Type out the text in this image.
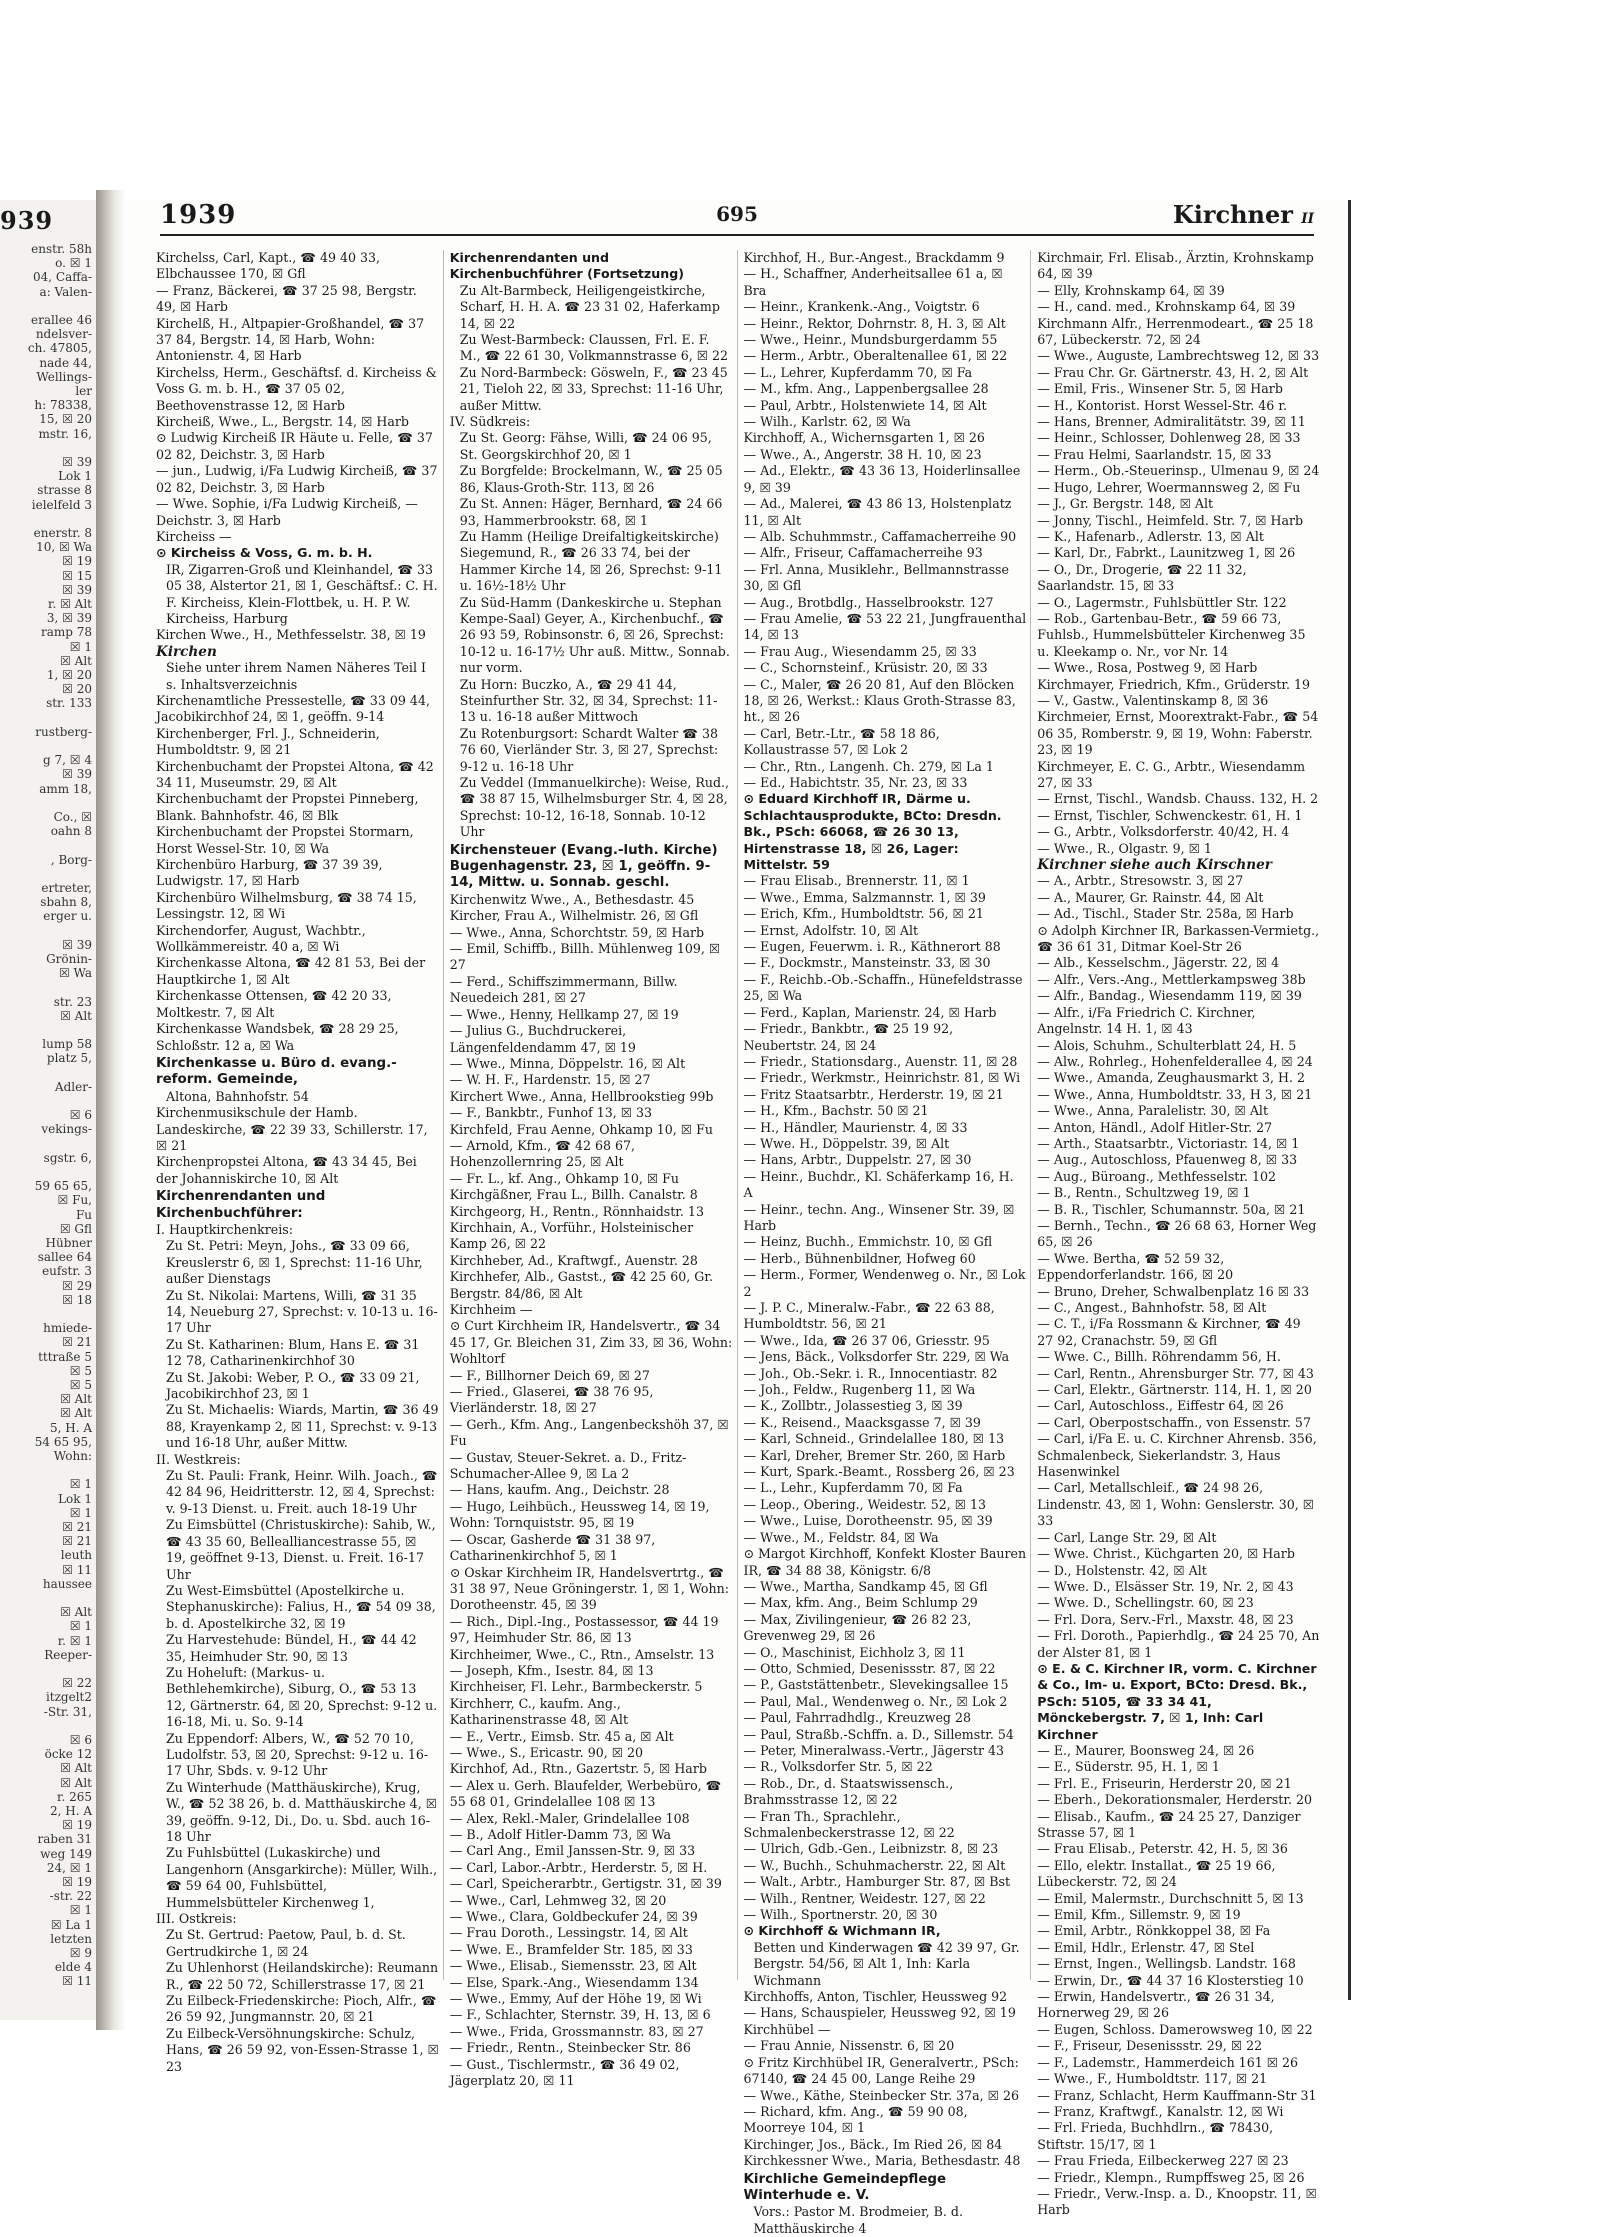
939
enstr. 58h
o. ☒ 1
04, Caffa-
a: Valen-
erallee 46
ndelsver-
ch. 47805,
nade 44,
Wellings-
ler
h: 78338,
15, ☒ 20
mstr. 16,
☒ 39
Lok 1
strasse 8
ielelfeld 3
enerstr. 8
10, ☒ Wa
☒ 19
☒ 15
☒ 39
r. ☒ Alt
3, ☒ 39
ramp 78
☒ 1
☒ Alt
1, ☒ 20
☒ 20
str. 133
rustberg-
g 7, ☒ 4
☒ 39
amm 18,
Co., ☒
oahn 8
, Borg-
ertreter,
sbahn 8,
erger u.
☒ 39
Grönin-
☒ Wa
str. 23
☒ Alt
lump 58
platz 5,
Adler-
☒ 6
vekings-
sgstr. 6,
59 65 65,
☒ Fu,
Fu
☒ Gfl
Hübner
sallee 64
eufstr. 3
☒ 29
☒ 18
hmiede-
☒ 21
tttraße 5
☒ 5
☒ 5
☒ Alt
☒ Alt
5, H. A
54 65 95,
Wohn:
☒ 1
Lok 1
☒ 1
☒ 21
☒ 21
leuth
☒ 11
haussee
☒ Alt
☒ 1
r. ☒ 1
Reeper-
☒ 22
itzgelt2
-Str. 31,
☒ 6
öcke 12
☒ Alt
☒ Alt
r. 265
2, H. A
☒ 19
raben 31
weg 149
24, ☒ 1
☒ 19
-str. 22
☒ 1
☒ La 1
letzten
☒ 9
elde 4
☒ 11
1939	695	Kirchner II

Kirchelss, Carl, Kapt., ☎ 49 40 33, Elbchaussee 170, ☒ Gfl

— Franz, Bäckerei, ☎ 37 25 98, Bergstr. 49, ☒ Harb

Kirchelß, H., Altpapier-Großhandel, ☎ 37 37 84, Bergstr. 14, ☒ Harb, Wohn: Antonienstr. 4, ☒ Harb

Kirchelss, Herm., Geschäftsf. d. Kircheiss & Voss G. m. b. H., ☎ 37 05 02, Beethovenstrasse 12, ☒ Harb

Kircheiß, Wwe., L., Bergstr. 14, ☒ Harb

⊙ Ludwig Kircheiß IR Häute u. Felle, ☎ 37 02 82, Deichstr. 3, ☒ Harb

— jun., Ludwig, i/Fa Ludwig Kircheiß, ☎ 37 02 82, Deichstr. 3, ☒ Harb

— Wwe. Sophie, i/Fa Ludwig Kircheiß, — Deichstr. 3, ☒ Harb

Kircheiss —

⊙ Kircheiss & Voss, G. m. b. H.

IR, Zigarren-Groß und Kleinhandel, ☎ 33 05 38, Alstertor 21, ☒ 1, Geschäftsf.: C. H. F. Kircheiss, Klein-Flottbek, u. H. P. W. Kircheiss, Harburg

Kirchen Wwe., H., Methfesselstr. 38, ☒ 19

Kirchen

Siehe unter ihrem Namen Näheres Teil I s. Inhaltsverzeichnis

Kirchenamtliche Pressestelle, ☎ 33 09 44, Jacobikirchhof 24, ☒ 1, geöffn. 9-14

Kirchenberger, Frl. J., Schneiderin, Humboldtstr. 9, ☒ 21

Kirchenbuchamt der Propstei Altona, ☎ 42 34 11, Museumstr. 29, ☒ Alt

Kirchenbuchamt der Propstei Pinneberg, Blank. Bahnhofstr. 46, ☒ Blk

Kirchenbuchamt der Propstei Stormarn, Horst Wessel-Str. 10, ☒ Wa

Kirchenbüro Harburg, ☎ 37 39 39, Ludwigstr. 17, ☒ Harb

Kirchenbüro Wilhelmsburg, ☎ 38 74 15, Lessingstr. 12, ☒ Wi

Kirchendorfer, August, Wachbtr., Wollkämmereistr. 40 a, ☒ Wi

Kirchenkasse Altona, ☎ 42 81 53, Bei der Hauptkirche 1, ☒ Alt

Kirchenkasse Ottensen, ☎ 42 20 33, Moltkestr. 7, ☒ Alt

Kirchenkasse Wandsbek, ☎ 28 29 25, Schloßstr. 12 a, ☒ Wa

Kirchenkasse u. Büro d. evang.-reform. Gemeinde,

Altona, Bahnhofstr. 54

Kirchenmusikschule der Hamb. Landeskirche, ☎ 22 39 33, Schillerstr. 17, ☒ 21

Kirchenpropstei Altona, ☎ 43 34 45, Bei der Johanniskirche 10, ☒ Alt

Kirchenrendanten und Kirchenbuchführer:

I. Hauptkirchenkreis:

Zu St. Petri: Meyn, Johs., ☎ 33 09 66, Kreuslerstr 6, ☒ 1, Sprechst: 11-16 Uhr, außer Dienstags

Zu St. Nikolai: Martens, Willi, ☎ 31 35 14, Neueburg 27, Sprechst: v. 10-13 u. 16-17 Uhr

Zu St. Katharinen: Blum, Hans E. ☎ 31 12 78, Catharinenkirchhof 30

Zu St. Jakobi: Weber, P. O., ☎ 33 09 21, Jacobikirchhof 23, ☒ 1

Zu St. Michaelis: Wiards, Martin, ☎ 36 49 88, Krayenkamp 2, ☒ 11, Sprechst: v. 9-13 und 16-18 Uhr, außer Mittw.

II. Westkreis:

Zu St. Pauli: Frank, Heinr. Wilh. Joach., ☎ 42 84 96, Heidritterstr. 12, ☒ 4, Sprechst: v. 9-13 Dienst. u. Freit. auch 18-19 Uhr

Zu Eimsbüttel (Christuskirche): Sahib, W., ☎ 43 35 60, Bellealliancestrasse 55, ☒ 19, geöffnet 9-13, Dienst. u. Freit. 16-17 Uhr

Zu West-Eimsbüttel (Apostelkirche u. Stephanuskirche): Falius, H., ☎ 54 09 38, b. d. Apostelkirche 32, ☒ 19

Zu Harvestehude: Bündel, H., ☎ 44 42 35, Heimhuder Str. 90, ☒ 13

Zu Hoheluft: (Markus- u. Bethlehemkirche), Siburg, O., ☎ 53 13 12, Gärtnerstr. 64, ☒ 20, Sprechst: 9-12 u. 16-18, Mi. u. So. 9-14

Zu Eppendorf: Albers, W., ☎ 52 70 10, Ludolfstr. 53, ☒ 20, Sprechst: 9-12 u. 16-17 Uhr, Sbds. v. 9-12 Uhr

Zu Winterhude (Matthäuskirche), Krug, W., ☎ 52 38 26, b. d. Matthäuskirche 4, ☒ 39, geöffn. 9-12, Di., Do. u. Sbd. auch 16-18 Uhr

Zu Fuhlsbüttel (Lukaskirche) und Langenhorn (Ansgarkirche): Müller, Wilh., ☎ 59 64 00, Fuhlsbüttel, Hummelsbütteler Kirchenweg 1,

III. Ostkreis:

Zu St. Gertrud: Paetow, Paul, b. d. St. Gertrudkirche 1, ☒ 24

Zu Uhlenhorst (Heilandskirche): Reumann R., ☎ 22 50 72, Schillerstrasse 17, ☒ 21

Zu Eilbeck-Friedenskirche: Pioch, Alfr., ☎ 26 59 92, Jungmannstr. 20, ☒ 21

Zu Eilbeck-Versöhnungskirche: Schulz, Hans, ☎ 26 59 92, von-Essen-Strasse 1, ☒ 23

Kirchenrendanten und Kirchenbuchführer (Fortsetzung)

Zu Alt-Barmbeck, Heiligengeistkirche, Scharf, H. H. A. ☎ 23 31 02, Haferkamp 14, ☒ 22

Zu West-Barmbeck: Claussen, Frl. E. F. M., ☎ 22 61 30, Volkmannstrasse 6, ☒ 22

Zu Nord-Barmbeck: Gösweln, F., ☎ 23 45 21, Tieloh 22, ☒ 33, Sprechst: 11-16 Uhr, außer Mittw.

IV. Südkreis:

Zu St. Georg: Fähse, Willi, ☎ 24 06 95, St. Georgskirchhof 20, ☒ 1

Zu Borgfelde: Brockelmann, W., ☎ 25 05 86, Klaus-Groth-Str. 113, ☒ 26

Zu St. Annen: Häger, Bernhard, ☎ 24 66 93, Hammerbrookstr. 68, ☒ 1

Zu Hamm (Heilige Dreifaltigkeitskirche) Siegemund, R., ☎ 26 33 74, bei der Hammer Kirche 14, ☒ 26, Sprechst: 9-11 u. 16½-18½ Uhr

Zu Süd-Hamm (Dankeskirche u. Stephan Kempe-Saal) Geyer, A., Kirchenbuchf., ☎ 26 93 59, Robinsonstr. 6, ☒ 26, Sprechst: 10-12 u. 16-17½ Uhr auß. Mittw., Sonnab. nur vorm.

Zu Horn: Buczko, A., ☎ 29 41 44, Steinfurther Str. 32, ☒ 34, Sprechst: 11-13 u. 16-18 außer Mittwoch

Zu Rotenburgsort: Schardt Walter ☎ 38 76 60, Vierländer Str. 3, ☒ 27, Sprechst: 9-12 u. 16-18 Uhr

Zu Veddel (Immanuelkirche): Weise, Rud., ☎ 38 87 15, Wilhelmsburger Str. 4, ☒ 28, Sprechst: 10-12, 16-18, Sonnab. 10-12 Uhr

Kirchensteuer (Evang.-luth. Kirche) Bugenhagenstr. 23, ☒ 1, geöffn. 9-14, Mittw. u. Sonnab. geschl.

Kirchenwitz Wwe., A., Bethesdastr. 45

Kircher, Frau A., Wilhelmistr. 26, ☒ Gfl

— Wwe., Anna, Schorchtstr. 59, ☒ Harb

— Emil, Schiffb., Billh. Mühlenweg 109, ☒ 27

— Ferd., Schiffszimmermann, Billw. Neuedeich 281, ☒ 27

— Wwe., Henny, Hellkamp 27, ☒ 19

— Julius G., Buchdruckerei, Längenfeldendamm 47, ☒ 19

— Wwe., Minna, Döppelstr. 16, ☒ Alt

— W. H. F., Hardenstr. 15, ☒ 27

Kirchert Wwe., Anna, Hellbrookstieg 99b

— F., Bankbtr., Funhof 13, ☒ 33

Kirchfeld, Frau Aenne, Ohkamp 10, ☒ Fu

— Arnold, Kfm., ☎ 42 68 67, Hohenzollernring 25, ☒ Alt

— Fr. L., kf. Ang., Ohkamp 10, ☒ Fu

Kirchgäßner, Frau L., Billh. Canalstr. 8

Kirchgeorg, H., Rentn., Rönnhaidstr. 13

Kirchhain, A., Vorführ., Holsteinischer Kamp 26, ☒ 22

Kirchheber, Ad., Kraftwgf., Auenstr. 28

Kirchhefer, Alb., Gastst., ☎ 42 25 60, Gr. Bergstr. 84/86, ☒ Alt

Kirchheim —

⊙ Curt Kirchheim IR, Handelsvertr., ☎ 34 45 17, Gr. Bleichen 31, Zim 33, ☒ 36, Wohn: Wohltorf

— F., Billhorner Deich 69, ☒ 27

— Fried., Glaserei, ☎ 38 76 95, Vierländerstr. 18, ☒ 27

— Gerh., Kfm. Ang., Langenbeckshöh 37, ☒ Fu

— Gustav, Steuer-Sekret. a. D., Fritz-Schumacher-Allee 9, ☒ La 2

— Hans, kaufm. Ang., Deichstr. 28

— Hugo, Leihbüch., Heussweg 14, ☒ 19, Wohn: Tornquiststr. 95, ☒ 19

— Oscar, Gasherde ☎ 31 38 97, Catharinenkirchhof 5, ☒ 1

⊙ Oskar Kirchheim IR, Handelsvertrtg., ☎ 31 38 97, Neue Gröningerstr. 1, ☒ 1, Wohn: Dorotheenstr. 45, ☒ 39

— Rich., Dipl.-Ing., Postassessor, ☎ 44 19 97, Heimhuder Str. 86, ☒ 13

Kirchheimer, Wwe., C., Rtn., Amselstr. 13

— Joseph, Kfm., Isestr. 84, ☒ 13

Kirchheiser, Fl. Lehr., Barmbeckerstr. 5

Kirchherr, C., kaufm. Ang., Katharinenstrasse 48, ☒ Alt

— E., Vertr., Eimsb. Str. 45 a, ☒ Alt

— Wwe., S., Ericastr. 90, ☒ 20

Kirchhof, Ad., Rtn., Gazertstr. 5, ☒ Harb

— Alex u. Gerh. Blaufelder, Werbebüro, ☎ 55 68 01, Grindelallee 108 ☒ 13

— Alex, Rekl.-Maler, Grindelallee 108

— B., Adolf Hitler-Damm 73, ☒ Wa

— Carl Ang., Emil Janssen-Str. 9, ☒ 33

— Carl, Labor.-Arbtr., Herderstr. 5, ☒ H.

— Carl, Speicherarbtr., Gertigstr. 31, ☒ 39

— Wwe., Carl, Lehmweg 32, ☒ 20

— Wwe., Clara, Goldbeckufer 24, ☒ 39

— Frau Doroth., Lessingstr. 14, ☒ Alt

— Wwe. E., Bramfelder Str. 185, ☒ 33

— Wwe., Elisab., Siemensstr. 23, ☒ Alt

— Else, Spark.-Ang., Wiesendamm 134

— Wwe., Emmy, Auf der Höhe 19, ☒ Wi

— F., Schlachter, Sternstr. 39, H. 13, ☒ 6

— Wwe., Frida, Grossmannstr. 83, ☒ 27

— Friedr., Rentn., Steinbecker Str. 86

— Gust., Tischlermstr., ☎ 36 49 02, Jägerplatz 20, ☒ 11

Kirchhof, H., Bur.-Angest., Brackdamm 9

— H., Schaffner, Anderheitsallee 61 a, ☒ Bra

— Heinr., Krankenk.-Ang., Voigtstr. 6

— Heinr., Rektor, Dohrnstr. 8, H. 3, ☒ Alt

— Wwe., Heinr., Mundsburgerdamm 55

— Herm., Arbtr., Oberaltenallee 61, ☒ 22

— L., Lehrer, Kupferdamm 70, ☒ Fa

— M., kfm. Ang., Lappenbergsallee 28

— Paul, Arbtr., Holstenwiete 14, ☒ Alt

— Wilh., Karlstr. 62, ☒ Wa

Kirchhoff, A., Wichernsgarten 1, ☒ 26

— Wwe., A., Angerstr. 38 H. 10, ☒ 23

— Ad., Elektr., ☎ 43 36 13, Hoiderlinsallee 9, ☒ 39

— Ad., Malerei, ☎ 43 86 13, Holstenplatz 11, ☒ Alt

— Alb. Schuhmmstr., Caffamacherreihe 90

— Alfr., Friseur, Caffamacherreihe 93

— Frl. Anna, Musiklehr., Bellmannstrasse 30, ☒ Gfl

— Aug., Brotbdlg., Hasselbrookstr. 127

— Frau Amelie, ☎ 53 22 21, Jungfrauenthal 14, ☒ 13

— Frau Aug., Wiesendamm 25, ☒ 33

— C., Schornsteinf., Krüsistr. 20, ☒ 33

— C., Maler, ☎ 26 20 81, Auf den Blöcken 18, ☒ 26, Werkst.: Klaus Groth-Strasse 83, ht., ☒ 26

— Carl, Betr.-Ltr., ☎ 58 18 86, Kollaustrasse 57, ☒ Lok 2

— Chr., Rtn., Langenh. Ch. 279, ☒ La 1

— Ed., Habichtstr. 35, Nr. 23, ☒ 33

⊙ Eduard Kirchhoff IR, Därme u. Schlachtausprodukte, BCto: Dresdn. Bk., PSch: 66068, ☎ 26 30 13, Hirtenstrasse 18, ☒ 26, Lager: Mittelstr. 59

— Frau Elisab., Brennerstr. 11, ☒ 1

— Wwe., Emma, Salzmannstr. 1, ☒ 39

— Erich, Kfm., Humboldtstr. 56, ☒ 21

— Ernst, Adolfstr. 10, ☒ Alt

— Eugen, Feuerwm. i. R., Käthnerort 88

— F., Dockmstr., Mansteinstr. 33, ☒ 30

— F., Reichb.-Ob.-Schaffn., Hünefeldstrasse 25, ☒ Wa

— Ferd., Kaplan, Marienstr. 24, ☒ Harb

— Friedr., Bankbtr., ☎ 25 19 92, Neubertstr. 24, ☒ 24

— Friedr., Stationsdarg., Auenstr. 11, ☒ 28

— Friedr., Werkmstr., Heinrichstr. 81, ☒ Wi

— Fritz Staatsarbtr., Herderstr. 19, ☒ 21

— H., Kfm., Bachstr. 50 ☒ 21

— H., Händler, Maurienstr. 4, ☒ 33

— Wwe. H., Döppelstr. 39, ☒ Alt

— Hans, Arbtr., Duppelstr. 27, ☒ 30

— Heinr., Buchdr., Kl. Schäferkamp 16, H. A

— Heinr., techn. Ang., Winsener Str. 39, ☒ Harb

— Heinz, Buchh., Emmichstr. 10, ☒ Gfl

— Herb., Bühnenbildner, Hofweg 60

— Herm., Former, Wendenweg o. Nr., ☒ Lok 2

— J. P. C., Mineralw.-Fabr., ☎ 22 63 88, Humboldtstr. 56, ☒ 21

— Wwe., Ida, ☎ 26 37 06, Griesstr. 95

— Jens, Bäck., Volksdorfer Str. 229, ☒ Wa

— Joh., Ob.-Sekr. i. R., Innocentiastr. 82

— Joh., Feldw., Rugenberg 11, ☒ Wa

— K., Zollbtr., Jolassestieg 3, ☒ 39

— K., Reisend., Maacksgasse 7, ☒ 39

— Karl, Schneid., Grindelallee 180, ☒ 13

— Karl, Dreher, Bremer Str. 260, ☒ Harb

— Kurt, Spark.-Beamt., Rossberg 26, ☒ 23

— L., Lehr., Kupferdamm 70, ☒ Fa

— Leop., Obering., Weidestr. 52, ☒ 13

— Wwe., Luise, Dorotheenstr. 95, ☒ 39

— Wwe., M., Feldstr. 84, ☒ Wa

⊙ Margot Kirchhoff, Konfekt Kloster Bauren IR, ☎ 34 88 38, Königstr. 6/8

— Wwe., Martha, Sandkamp 45, ☒ Gfl

— Max, kfm. Ang., Beim Schlump 29

— Max, Zivilingenieur, ☎ 26 82 23, Grevenweg 29, ☒ 26

— O., Maschinist, Eichholz 3, ☒ 11

— Otto, Schmied, Desenissstr. 87, ☒ 22

— P., Gaststättenbetr., Slevekingsallee 15

— Paul, Mal., Wendenweg o. Nr., ☒ Lok 2

— Paul, Fahrradhdlg., Kreuzweg 28

— Paul, Straßb.-Schffn. a. D., Sillemstr. 54

— Peter, Mineralwass.-Vertr., Jägerstr 43

— R., Volksdorfer Str. 5, ☒ 22

— Rob., Dr., d. Staatswissensch., Brahmsstrasse 12, ☒ 22

— Fran Th., Sprachlehr., Schmalenbeckerstrasse 12, ☒ 22

— Ulrich, Gdb.-Gen., Leibnizstr. 8, ☒ 23

— W., Buchh., Schuhmacherstr. 22, ☒ Alt

— Walt., Arbtr., Hamburger Str. 87, ☒ Bst

— Wilh., Rentner, Weidestr. 127, ☒ 22

— Wilh., Sportnerstr. 20, ☒ 30

⊙ Kirchhoff & Wichmann IR,

Betten und Kinderwagen ☎ 42 39 97, Gr. Bergstr. 54/56, ☒ Alt 1, Inh: Karla Wichmann

Kirchhoffs, Anton, Tischler, Heussweg 92

— Hans, Schauspieler, Heussweg 92, ☒ 19

Kirchhübel —

— Frau Annie, Nissenstr. 6, ☒ 20

⊙ Fritz Kirchhübel IR, Generalvertr., PSch: 67140, ☎ 24 45 00, Lange Reihe 29

— Wwe., Käthe, Steinbecker Str. 37a, ☒ 26

— Richard, kfm. Ang., ☎ 59 90 08, Moorreye 104, ☒ 1

Kirchinger, Jos., Bäck., Im Ried 26, ☒ 84

Kirchkessner Wwe., Maria, Bethesdastr. 48

Kirchliche Gemeindepflege Winterhude e. V.

Vors.: Pastor M. Brodmeier, B. d. Matthäuskirche 4

Kirchmair, Frl. Elisab., Ärztin, Krohnskamp 64, ☒ 39

— Elly, Krohnskamp 64, ☒ 39

— H., cand. med., Krohnskamp 64, ☒ 39

Kirchmann Alfr., Herrenmodeart., ☎ 25 18 67, Lübeckerstr. 72, ☒ 24

— Wwe., Auguste, Lambrechtsweg 12, ☒ 33

— Frau Chr. Gr. Gärtnerstr. 43, H. 2, ☒ Alt

— Emil, Fris., Winsener Str. 5, ☒ Harb

— H., Kontorist. Horst Wessel-Str. 46 r.

— Hans, Brenner, Admiralitätstr. 39, ☒ 11

— Heinr., Schlosser, Dohlenweg 28, ☒ 33

— Frau Helmi, Saarlandstr. 15, ☒ 33

— Herm., Ob.-Steuerinsp., Ulmenau 9, ☒ 24

— Hugo, Lehrer, Woermannsweg 2, ☒ Fu

— J., Gr. Bergstr. 148, ☒ Alt

— Jonny, Tischl., Heimfeld. Str. 7, ☒ Harb

— K., Hafenarb., Adlerstr. 13, ☒ Alt

— Karl, Dr., Fabrkt., Launitzweg 1, ☒ 26

— O., Dr., Drogerie, ☎ 22 11 32, Saarlandstr. 15, ☒ 33

— O., Lagermstr., Fuhlsbüttler Str. 122

— Rob., Gartenbau-Betr., ☎ 59 66 73, Fuhlsb., Hummelsbütteler Kirchenweg 35 u. Kleekamp o. Nr., vor Nr. 14

— Wwe., Rosa, Postweg 9, ☒ Harb

Kirchmayer, Friedrich, Kfm., Grüderstr. 19

— V., Gastw., Valentinskamp 8, ☒ 36

Kirchmeier, Ernst, Moorextrakt-Fabr., ☎ 54 06 35, Romberstr. 9, ☒ 19, Wohn: Faberstr. 23, ☒ 19

Kirchmeyer, E. C. G., Arbtr., Wiesendamm 27, ☒ 33

— Ernst, Tischl., Wandsb. Chauss. 132, H. 2

— Ernst, Tischler, Schwenckestr. 61, H. 1

— G., Arbtr., Volksdorferstr. 40/42, H. 4

— Wwe., R., Olgastr. 9, ☒ 1

Kirchner siehe auch Kirschner

— A., Arbtr., Stresowstr. 3, ☒ 27

— A., Maurer, Gr. Rainstr. 44, ☒ Alt

— Ad., Tischl., Stader Str. 258a, ☒ Harb

⊙ Adolph Kirchner IR, Barkassen-Vermietg., ☎ 36 61 31, Ditmar Koel-Str 26

— Alb., Kesselschm., Jägerstr. 22, ☒ 4

— Alfr., Vers.-Ang., Mettlerkampsweg 38b

— Alfr., Bandag., Wiesendamm 119, ☒ 39

— Alfr., i/Fa Friedrich C. Kirchner, Angelnstr. 14 H. 1, ☒ 43

— Alois, Schuhm., Schulterblatt 24, H. 5

— Alw., Rohrleg., Hohenfelderallee 4, ☒ 24

— Wwe., Amanda, Zeughausmarkt 3, H. 2

— Wwe., Anna, Humboldtstr. 33, H 3, ☒ 21

— Wwe., Anna, Paralelistr. 30, ☒ Alt

— Anton, Händl., Adolf Hitler-Str. 27

— Arth., Staatsarbtr., Victoriastr. 14, ☒ 1

— Aug., Autoschloss, Pfauenweg 8, ☒ 33

— Aug., Büroang., Methfesselstr. 102

— B., Rentn., Schultzweg 19, ☒ 1

— B. R., Tischler, Schumannstr. 50a, ☒ 21

— Bernh., Techn., ☎ 26 68 63, Horner Weg 65, ☒ 26

— Wwe. Bertha, ☎ 52 59 32, Eppendorferlandstr. 166, ☒ 20

— Bruno, Dreher, Schwalbenplatz 16 ☒ 33

— C., Angest., Bahnhofstr. 58, ☒ Alt

— C. T., i/Fa Rossmann & Kirchner, ☎ 49 27 92, Cranachstr. 59, ☒ Gfl

— Wwe. C., Billh. Röhrendamm 56, H.

— Carl, Rentn., Ahrensburger Str. 77, ☒ 43

— Carl, Elektr., Gärtnerstr. 114, H. 1, ☒ 20

— Carl, Autoschloss., Eiffestr 64, ☒ 26

— Carl, Oberpostschaffn., von Essenstr. 57

— Carl, i/Fa E. u. C. Kirchner Ahrensb. 356, Schmalenbeck, Siekerlandstr. 3, Haus Hasenwinkel

— Carl, Metallschleif., ☎ 24 98 26, Lindenstr. 43, ☒ 1, Wohn: Genslerstr. 30, ☒ 33

— Carl, Lange Str. 29, ☒ Alt

— Wwe. Christ., Küchgarten 20, ☒ Harb

— D., Holstenstr. 42, ☒ Alt

— Wwe. D., Elsässer Str. 19, Nr. 2, ☒ 43

— Wwe. D., Schellingstr. 60, ☒ 23

— Frl. Dora, Serv.-Frl., Maxstr. 48, ☒ 23

— Frl. Doroth., Papierhdlg., ☎ 24 25 70, An der Alster 81, ☒ 1

⊙ E. & C. Kirchner IR, vorm. C. Kirchner & Co., Im- u. Export, BCto: Dresd. Bk., PSch: 5105, ☎ 33 34 41, Mönckebergstr. 7, ☒ 1, Inh: Carl Kirchner

— E., Maurer, Boonsweg 24, ☒ 26

— E., Süderstr. 95, H. 1, ☒ 1

— Frl. E., Friseurin, Herderstr 20, ☒ 21

— Eberh., Dekorationsmaler, Herderstr. 20

— Elisab., Kaufm., ☎ 24 25 27, Danziger Strasse 57, ☒ 1

— Frau Elisab., Peterstr. 42, H. 5, ☒ 36

— Ello, elektr. Installat., ☎ 25 19 66, Lübeckerstr. 72, ☒ 24

— Emil, Malermstr., Durchschnitt 5, ☒ 13

— Emil, Kfm., Sillemstr. 9, ☒ 19

— Emil, Arbtr., Rönkkoppel 38, ☒ Fa

— Emil, Hdlr., Erlenstr. 47, ☒ Stel

— Ernst, Ingen., Wellingsb. Landstr. 168

— Erwin, Dr., ☎ 44 37 16 Klosterstieg 10

— Erwin, Handelsvertr., ☎ 26 31 34, Hornerweg 29, ☒ 26

— Eugen, Schloss. Damerowsweg 10, ☒ 22

— F., Friseur, Desenissstr. 29, ☒ 22

— F., Lademstr., Hammerdeich 161 ☒ 26

— Wwe., F., Humboldtstr. 117, ☒ 21

— Franz, Schlacht, Herm Kauffmann-Str 31

— Franz, Kraftwgf., Kanalstr. 12, ☒ Wi

— Frl. Frieda, Buchhdlrn., ☎ 78430, Stiftstr. 15/17, ☒ 1

— Frau Frieda, Eilbeckerweg 227 ☒ 23

— Friedr., Klempn., Rumpffsweg 25, ☒ 26

— Friedr., Verw.-Insp. a. D., Knoopstr. 11, ☒ Harb
